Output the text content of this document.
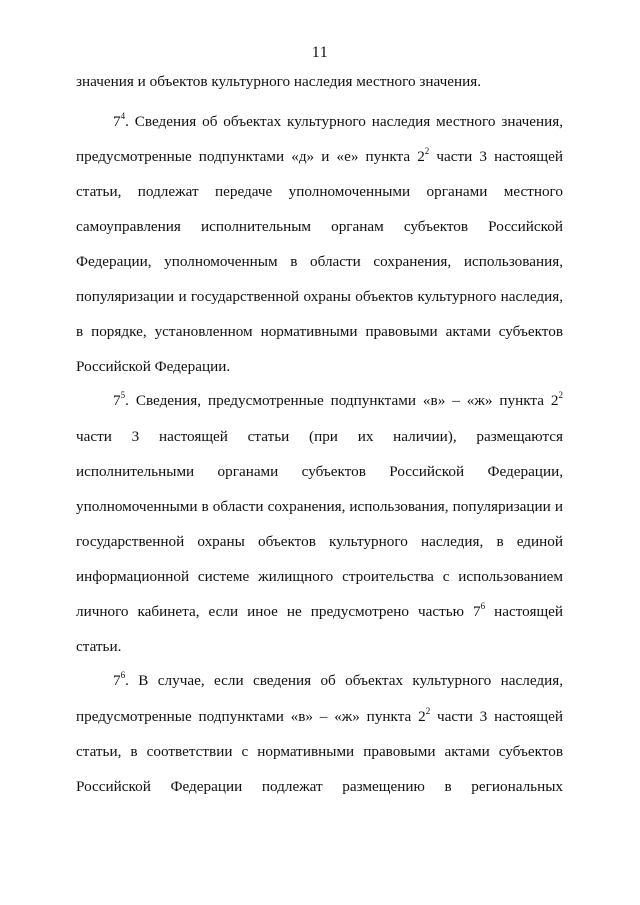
11
значения и объектов культурного наследия местного значения.
$7^4$. Сведения об объектах культурного наследия местного значения,
предусмотренные подпунктами «д» и «е» пункта $2^2$ части 3 настоящей
статьи, подлежат передаче уполномоченными органами местного
самоуправления исполнительным органам субъектов Российской
Федерации, уполномоченным в области сохранения, использования,
популяризации и государственной охраны объектов культурного наследия,
в порядке, установленном нормативными правовыми актами субъектов
Российской Федерации.
$7^5$. Сведения, предусмотренные подпунктами «в» – «ж» пункта $2^2$
части 3 настоящей статьи (при их наличии), размещаются
исполнительными органами субъектов Российской Федерации,
уполномоченными в области сохранения, использования, популяризации и
государственной охраны объектов культурного наследия, в единой
информационной системе жилищного строительства с использованием
личного кабинета, если иное не предусмотрено частью $7^6$ настоящей
статьи.
$7^6$. В случае, если сведения об объектах культурного наследия,
предусмотренные подпунктами «в» – «ж» пункта $2^2$ части 3 настоящей
статьи, в соответствии с нормативными правовыми актами субъектов
Российской Федерации подлежат размещению в региональных
